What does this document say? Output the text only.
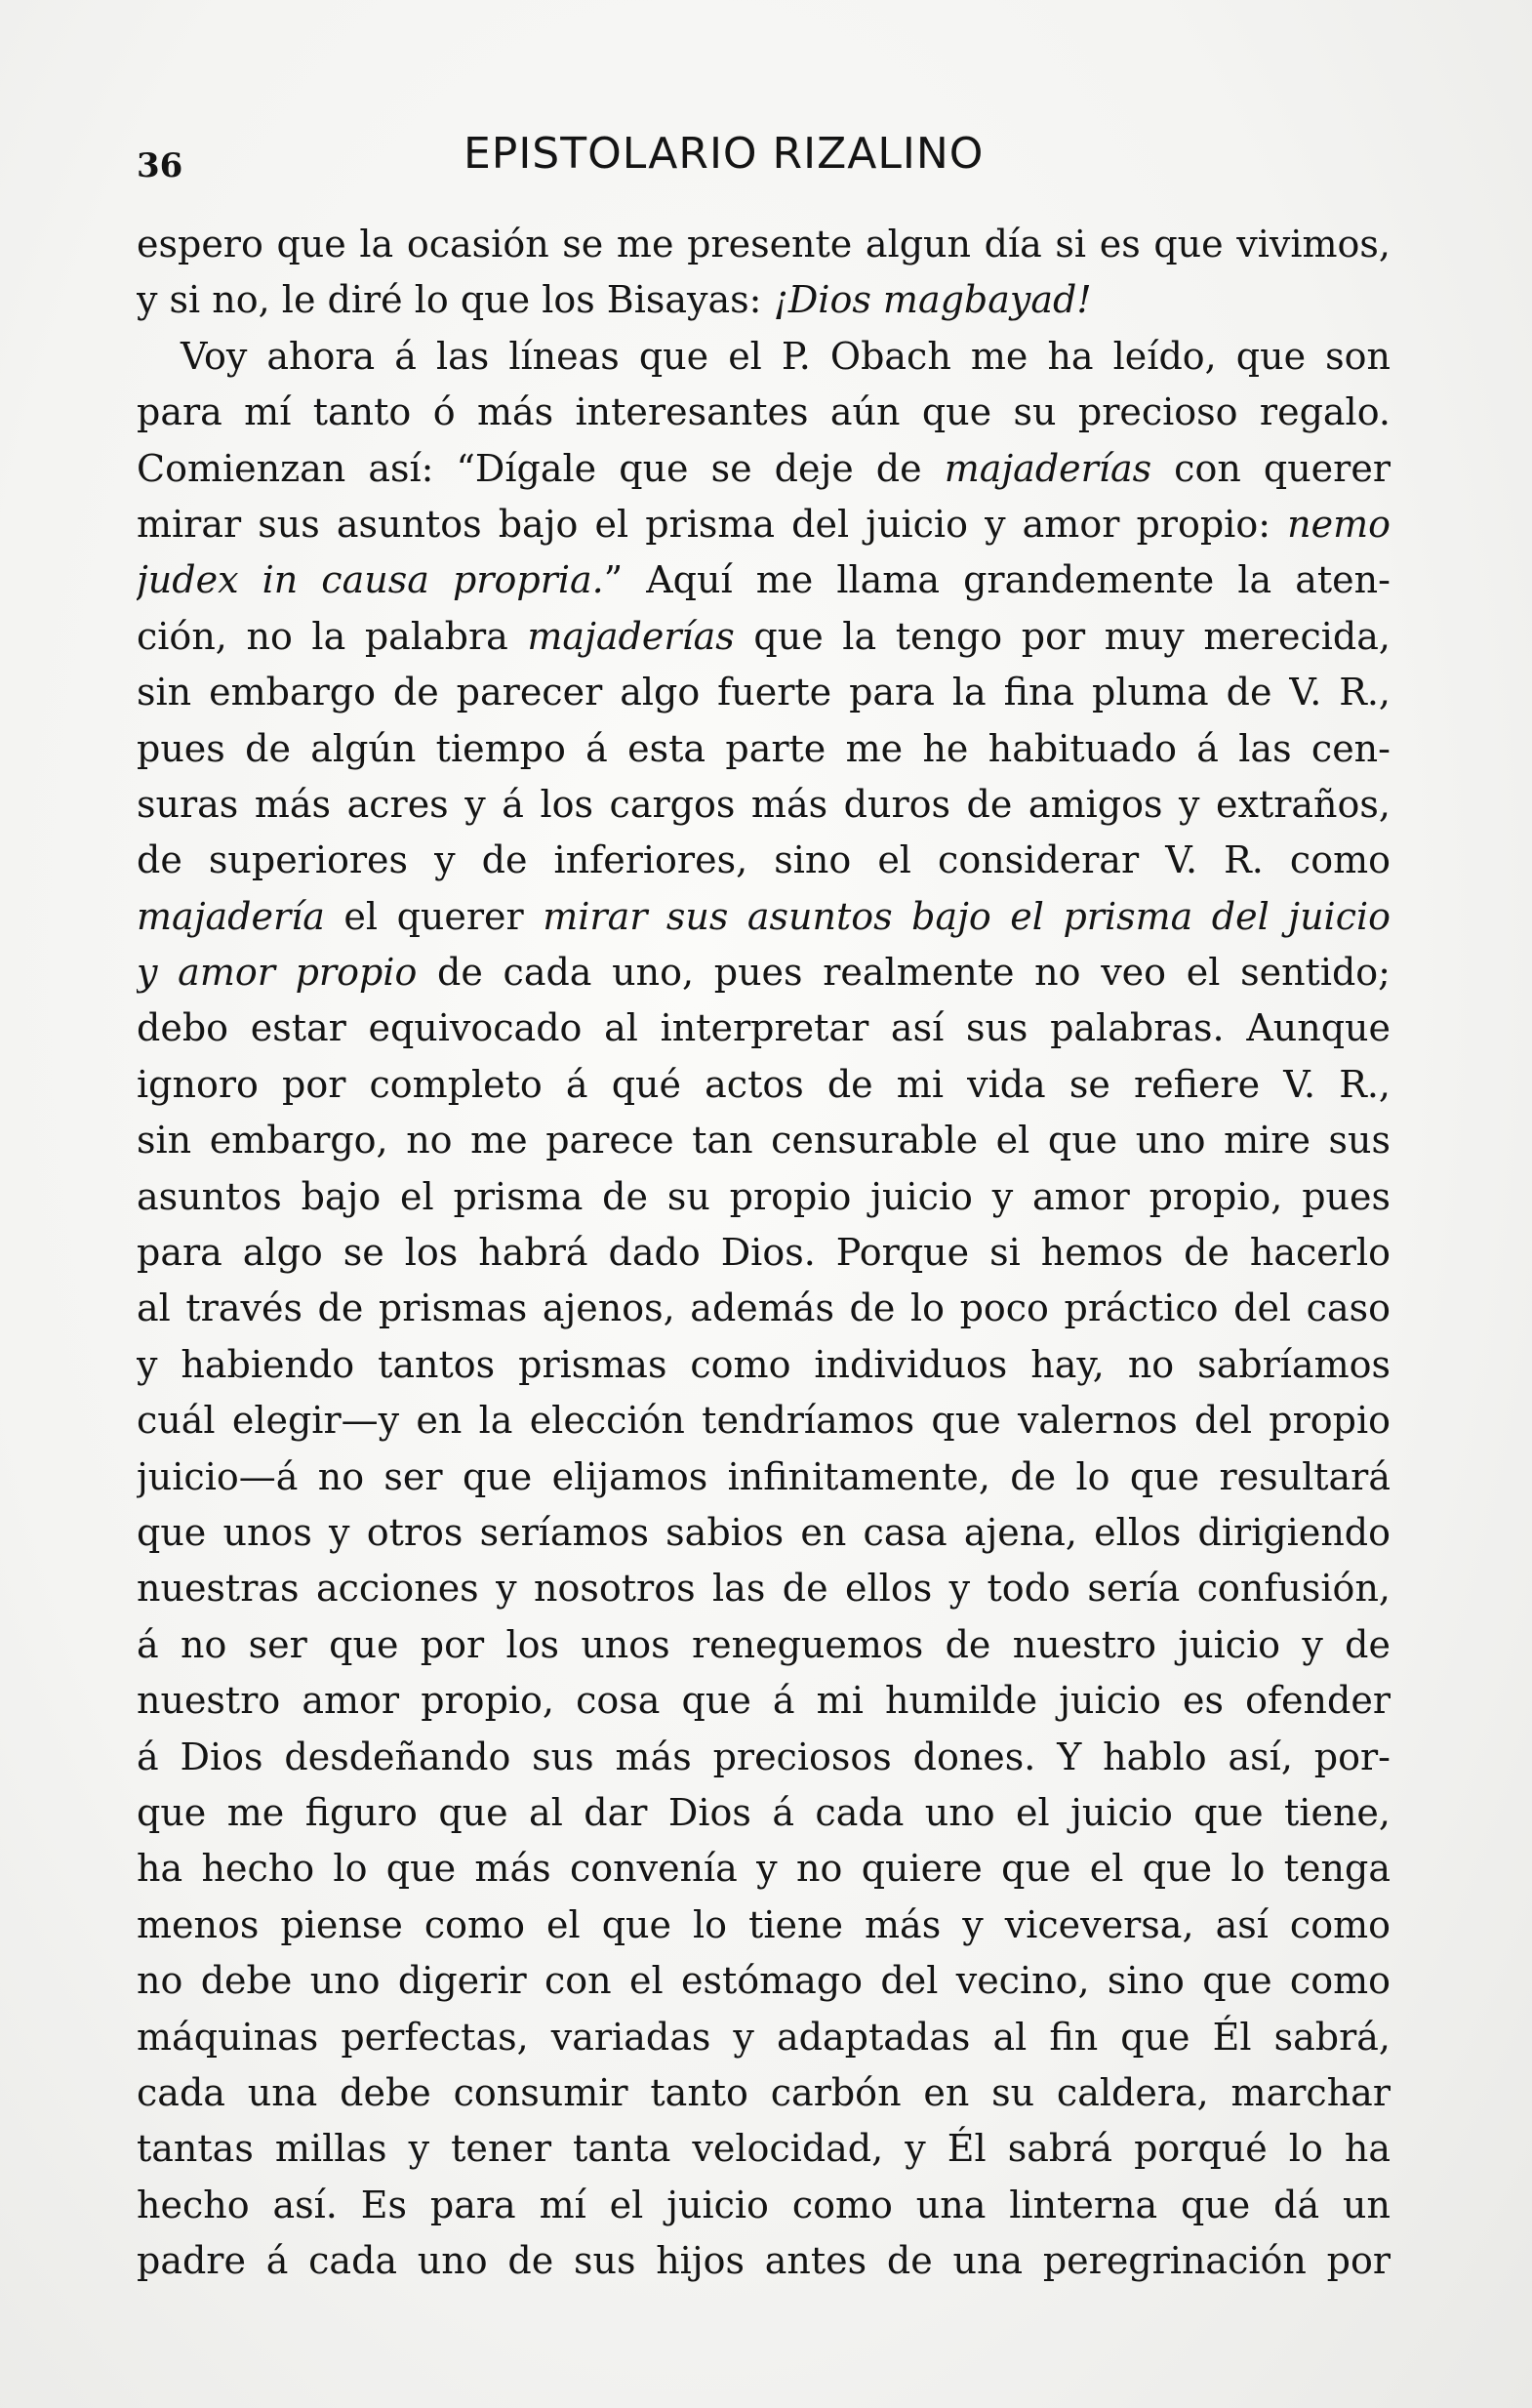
36	EPISTOLARIO RIZALINO
espero que la ocasión se me presente algun día si es que vivimos,
y si no, le diré lo que los Bisayas: ¡Dios magbayad!
Voy ahora á las líneas que el P. Obach me ha leído, que son
para mí tanto ó más interesantes aún que su precioso regalo.
Comienzan así: “Dígale que se deje de majaderías con querer
mirar sus asuntos bajo el prisma del juicio y amor propio: nemo
judex in causa propria.” Aquí me llama grandemente la aten-
ción, no la palabra majaderías que la tengo por muy merecida,
sin embargo de parecer algo fuerte para la fina pluma de V. R.,
pues de algún tiempo á esta parte me he habituado á las cen-
suras más acres y á los cargos más duros de amigos y extraños,
de superiores y de inferiores, sino el considerar V. R. como
majadería el querer mirar sus asuntos bajo el prisma del juicio
y amor propio de cada uno, pues realmente no veo el sentido;
debo estar equivocado al interpretar así sus palabras. Aunque
ignoro por completo á qué actos de mi vida se refiere V. R.,
sin embargo, no me parece tan censurable el que uno mire sus
asuntos bajo el prisma de su propio juicio y amor propio, pues
para algo se los habrá dado Dios. Porque si hemos de hacerlo
al través de prismas ajenos, además de lo poco práctico del caso
y habiendo tantos prismas como individuos hay, no sabríamos
cuál elegir—y en la elección tendríamos que valernos del propio
juicio—á no ser que elijamos infinitamente, de lo que resultará
que unos y otros seríamos sabios en casa ajena, ellos dirigiendo
nuestras acciones y nosotros las de ellos y todo sería confusión,
á no ser que por los unos reneguemos de nuestro juicio y de
nuestro amor propio, cosa que á mi humilde juicio es ofender
á Dios desdeñando sus más preciosos dones. Y hablo así, por-
que me figuro que al dar Dios á cada uno el juicio que tiene,
ha hecho lo que más convenía y no quiere que el que lo tenga
menos piense como el que lo tiene más y viceversa, así como
no debe uno digerir con el estómago del vecino, sino que como
máquinas perfectas, variadas y adaptadas al fin que Él sabrá,
cada una debe consumir tanto carbón en su caldera, marchar
tantas millas y tener tanta velocidad, y Él sabrá porqué lo ha
hecho así. Es para mí el juicio como una linterna que dá un
padre á cada uno de sus hijos antes de una peregrinación por
